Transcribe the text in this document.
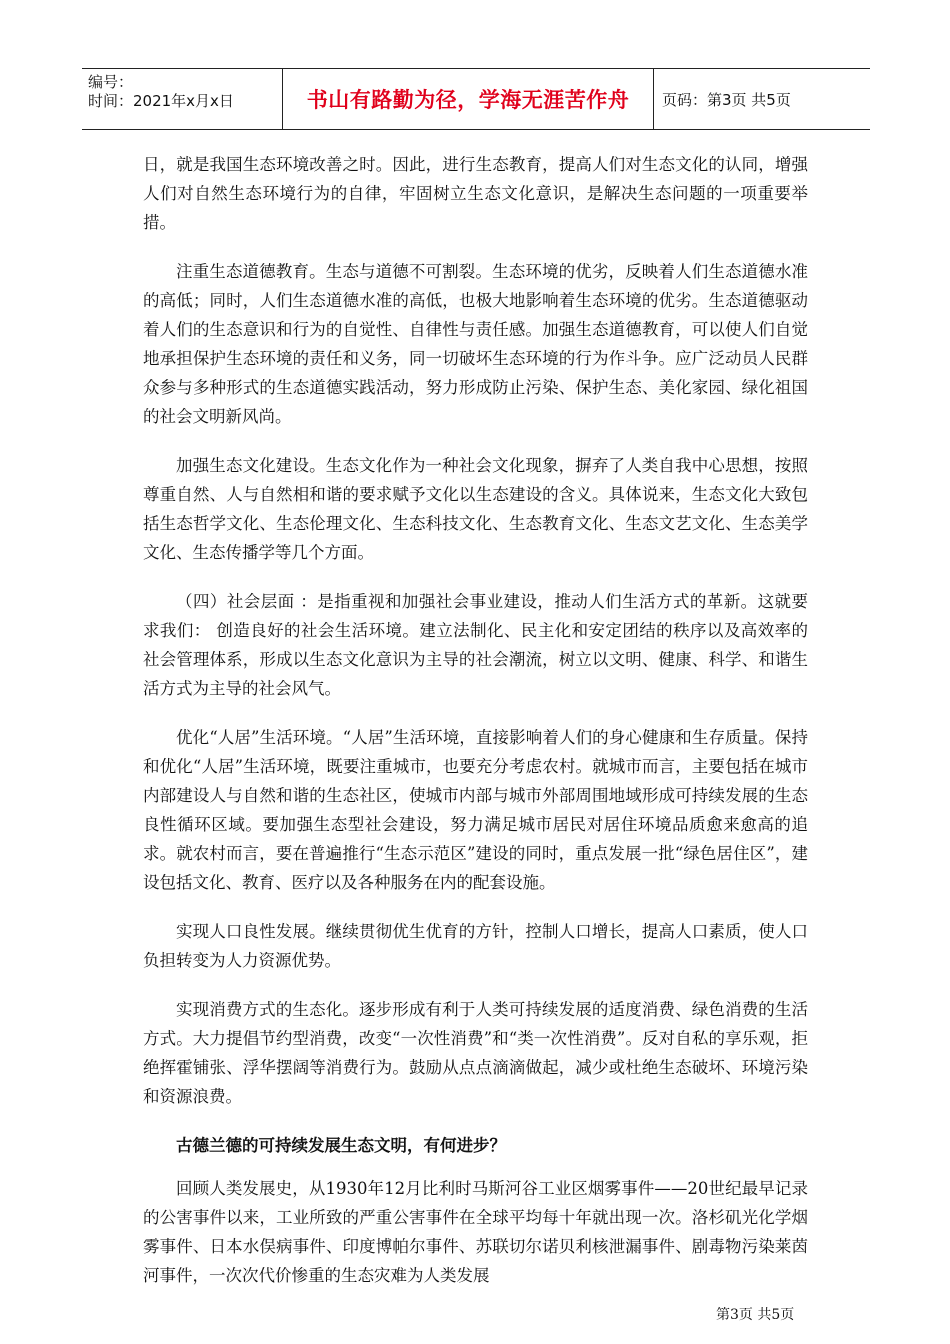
编号：
时间：2021年x月x日	书山有路勤为径，学海无涯苦作舟 页码：第3页 共5页

日，就是我国生态环境改善之时。因此，进行生态教育，提高人们对生态文化的认同，增强人们对自然生态环境行为的自律，牢固树立生态文化意识，是解决生态问题的一项重要举措。

注重生态道德教育。生态与道德不可割裂。生态环境的优劣，反映着人们生态道德水准的高低；同时，人们生态道德水准的高低，也极大地影响着生态环境的优劣。生态道德驱动着人们的生态意识和行为的自觉性、自律性与责任感。加强生态道德教育，可以使人们自觉地承担保护生态环境的责任和义务，同一切破坏生态环境的行为作斗争。应广泛动员人民群众参与多种形式的生态道德实践活动，努力形成防止污染、保护生态、美化家园、绿化祖国的社会文明新风尚。

加强生态文化建设。生态文化作为一种社会文化现象，摒弃了人类自我中心思想，按照尊重自然、人与自然相和谐的要求赋予文化以生态建设的含义。具体说来，生态文化大致包括生态哲学文化、生态伦理文化、生态科技文化、生态教育文化、生态文艺文化、生态美学文化、生态传播学等几个方面。

（四）社会层面 ：是指重视和加强社会事业建设，推动人们生活方式的革新。这就要求我们： 创造良好的社会生活环境。建立法制化、民主化和安定团结的秩序以及高效率的社会管理体系，形成以生态文化意识为主导的社会潮流，树立以文明、健康、科学、和谐生活方式为主导的社会风气。

优化“人居”生活环境。“人居”生活环境，直接影响着人们的身心健康和生存质量。保持和优化“人居”生活环境，既要注重城市，也要充分考虑农村。就城市而言，主要包括在城市内部建设人与自然和谐的生态社区，使城市内部与城市外部周围地域形成可持续发展的生态良性循环区域。要加强生态型社会建设，努力满足城市居民对居住环境品质愈来愈高的追求。就农村而言，要在普遍推行“生态示范区”建设的同时，重点发展一批“绿色居住区”，建设包括文化、教育、医疗以及各种服务在内的配套设施。

实现人口良性发展。继续贯彻优生优育的方针，控制人口增长，提高人口素质，使人口负担转变为人力资源优势。

实现消费方式的生态化。逐步形成有利于人类可持续发展的适度消费、绿色消费的生活方式。大力提倡节约型消费，改变“一次性消费”和“类一次性消费”。反对自私的享乐观，拒绝挥霍铺张、浮华摆阔等消费行为。鼓励从点点滴滴做起，减少或杜绝生态破坏、环境污染和资源浪费。

古德兰德的可持续发展生态文明，有何进步？

回顾人类发展史，从1930年12月比利时马斯河谷工业区烟雾事件——20世纪最早记录的公害事件以来，工业所致的严重公害事件在全球平均每十年就出现一次。洛杉矶光化学烟雾事件、日本水俣病事件、印度博帕尔事件、苏联切尔诺贝利核泄漏事件、剧毒物污染莱茵河事件，一次次代价惨重的生态灾难为人类发展

第3页 共5页
